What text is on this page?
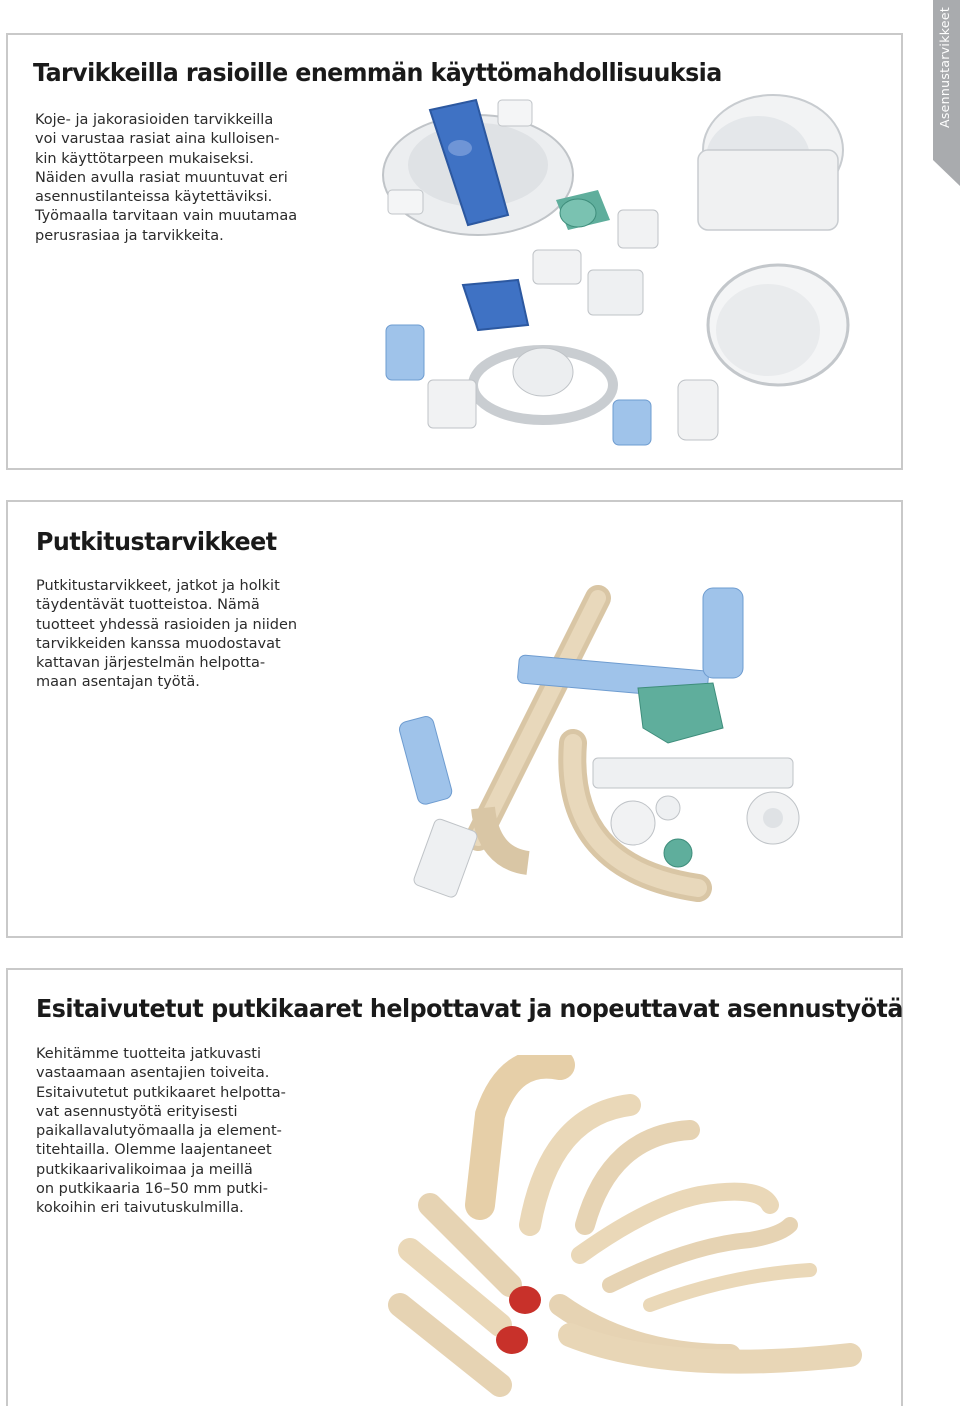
Asennustarvikkeet
Tarvikkeilla rasioille enemmän käyttömahdollisuuksia

Koje- ja jakorasioiden tarvikkeilla
voi varustaa rasiat aina kulloisen-
kin käyttötarpeen mukaiseksi.
Näiden avulla rasiat muuntuvat eri
asennustilanteissa käytettäviksi.
Työmaalla tarvitaan vain muutamaa
perusrasiaa ja tarvikkeita.

Putkitustarvikkeet

Putkitustarvikkeet, jatkot ja holkit
täydentävät tuotteistoa. Nämä
tuotteet yhdessä rasioiden ja niiden
tarvikkeiden kanssa muodostavat
kattavan järjestelmän helpotta-
maan asentajan työtä.

Esitaivutetut putkikaaret helpottavat ja nopeuttavat asennustyötä

Kehitämme tuotteita jatkuvasti
vastaamaan asentajien toiveita.
Esitaivutetut putkikaaret helpotta-
vat asennustyötä erityisesti
paikallavalutyömaalla ja element-
titehtailla. Olemme laajentaneet
putkikaarivalikoimaa ja meillä
on putkikaaria 16–50 mm putki-
kokoihin eri taivutuskulmilla.
